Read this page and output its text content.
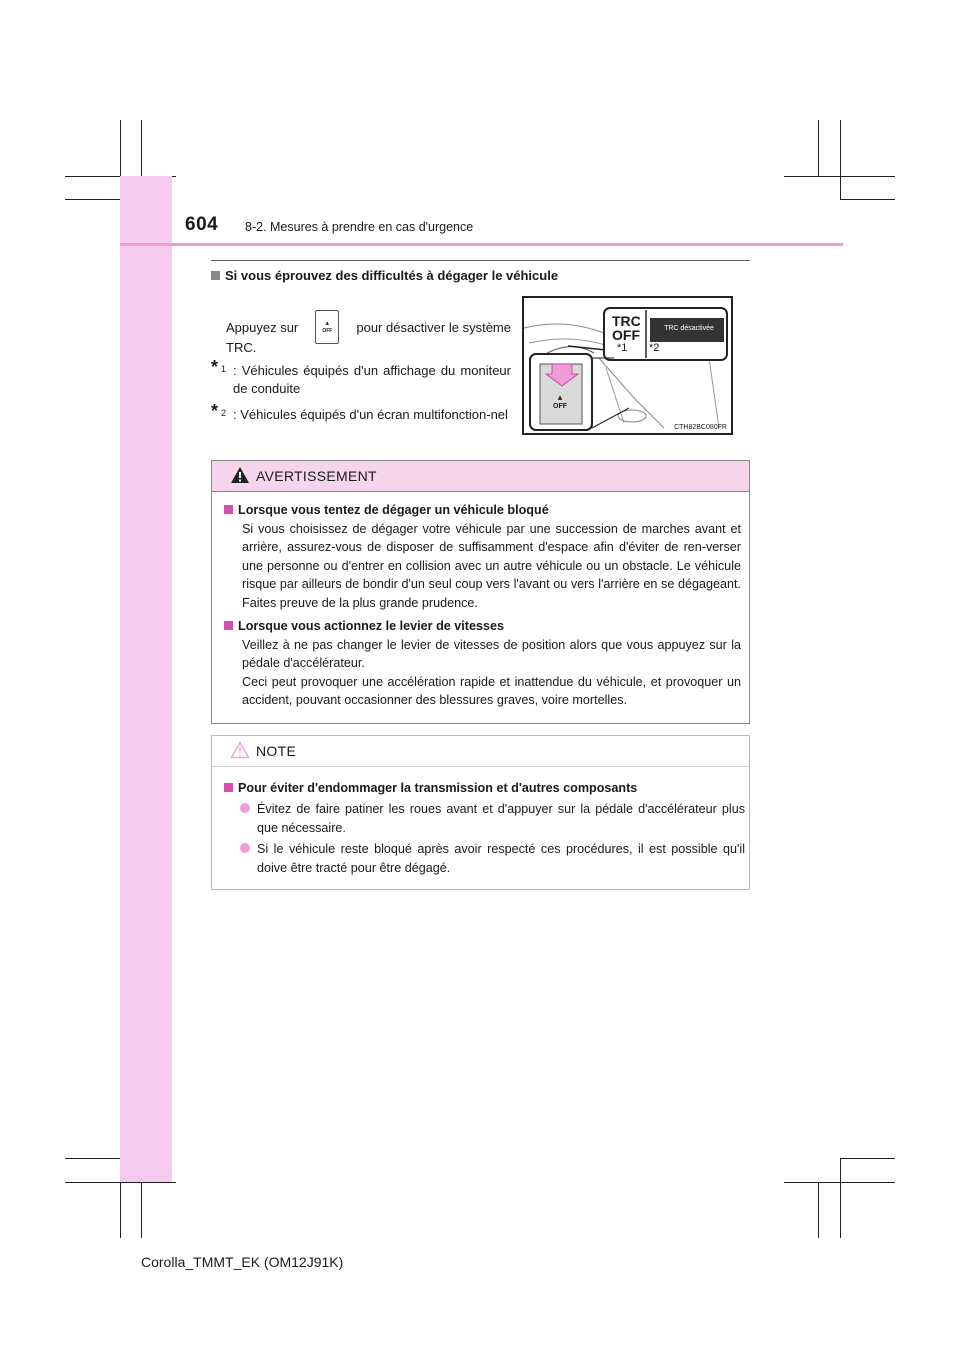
604 8-2. Mesures à prendre en cas d'urgence
Si vous éprouvez des difficultés à dégager le véhicule
Appuyez sur	▴
OFF pour désactiver le système
TRC.
* 1 : Véhicules équipés d'un affichage du moniteur de conduite
* 2 : Véhicules équipés d'un écran multifonction-nel
TRC
OFF	TRC désactivée
*1 *2
▴
OFF
CTH82BC080FR
AVERTISSEMENT
Lorsque vous tentez de dégager un véhicule bloqué
Si vous choisissez de dégager votre véhicule par une succession de marches avant et arrière, assurez-vous de disposer de suffisamment d'espace afin d'éviter de ren-verser une personne ou d'entrer en collision avec un autre véhicule ou un obstacle. Le véhicule risque par ailleurs de bondir d'un seul coup vers l'avant ou vers l'arrière en se dégageant. Faites preuve de la plus grande prudence.
Lorsque vous actionnez le levier de vitesses
Veillez à ne pas changer le levier de vitesses de position alors que vous appuyez sur la pédale d'accélérateur.
Ceci peut provoquer une accélération rapide et inattendue du véhicule, et provoquer un accident, pouvant occasionner des blessures graves, voire mortelles.
NOTE
Pour éviter d'endommager la transmission et d'autres composants
Évitez de faire patiner les roues avant et d'appuyer sur la pédale d'accélérateur plus que nécessaire.
Si le véhicule reste bloqué après avoir respecté ces procédures, il est possible qu'il doive être tracté pour être dégagé.
Corolla_TMMT_EK (OM12J91K)
